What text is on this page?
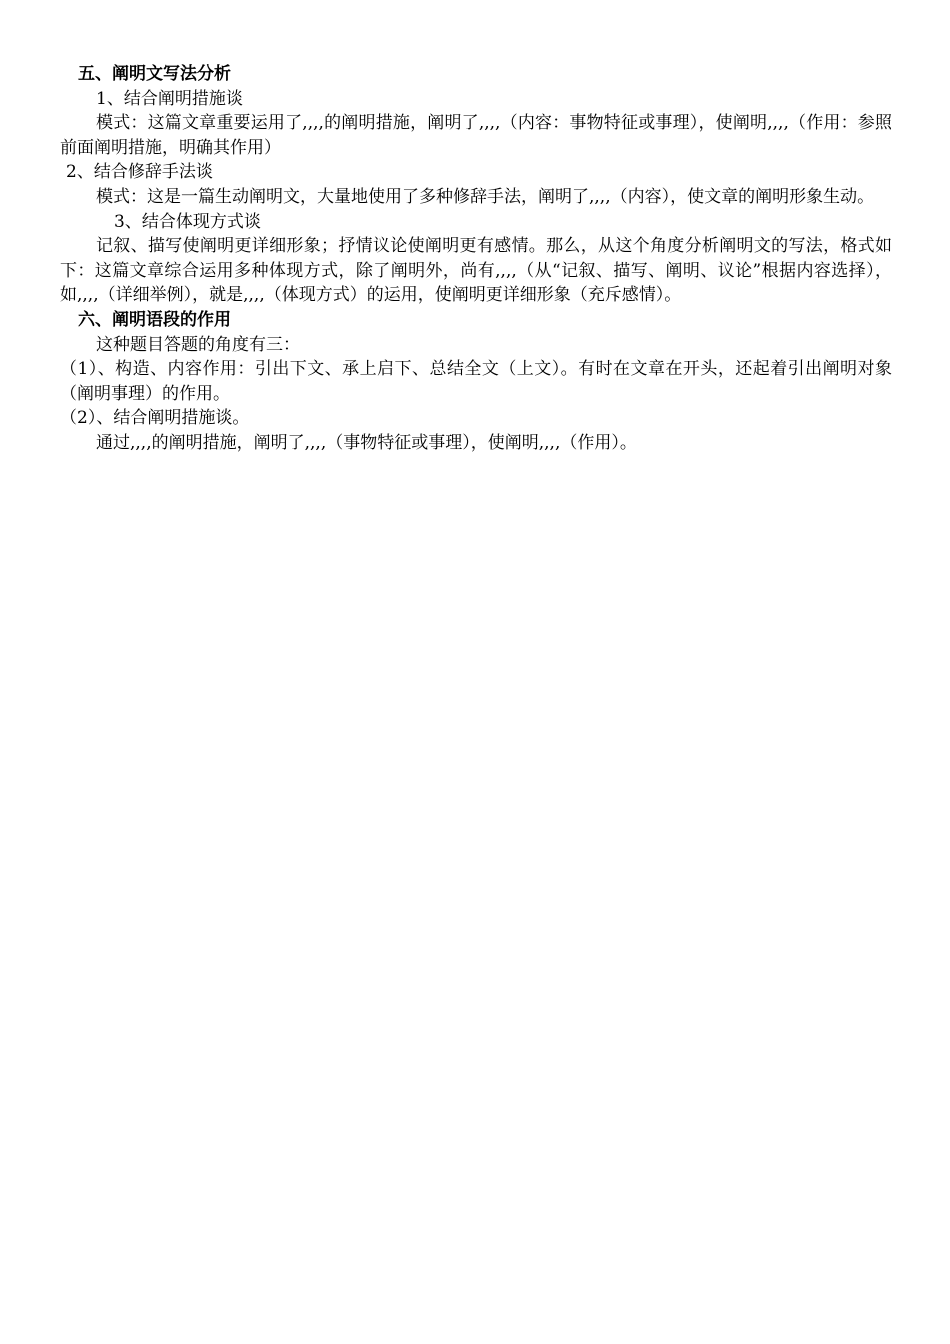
五、阐明文写法分析

1、结合阐明措施谈

模式：这篇文章重要运用了,,,,的阐明措施，阐明了,,,,（内容：事物特征或事理），使阐明,,,,（作用：参照前面阐明措施，明确其作用）

2、结合修辞手法谈

模式：这是一篇生动阐明文，大量地使用了多种修辞手法，阐明了,,,,（内容），使文章的阐明形象生动。

3、结合体现方式谈

记叙、描写使阐明更详细形象；抒情议论使阐明更有感情。那么，从这个角度分析阐明文的写法，格式如下：这篇文章综合运用多种体现方式，除了阐明外，尚有,,,,（从“记叙、描写、阐明、议论”根据内容选择），如,,,,（详细举例），就是,,,,（体现方式）的运用，使阐明更详细形象（充斥感情）。

六、阐明语段的作用

这种题目答题的角度有三：

（1）、构造、内容作用：引出下文、承上启下、总结全文（上文）。有时在文章在开头，还起着引出阐明对象（阐明事理）的作用。

（2）、结合阐明措施谈。

通过,,,,的阐明措施，阐明了,,,,（事物特征或事理），使阐明,,,,（作用）。
